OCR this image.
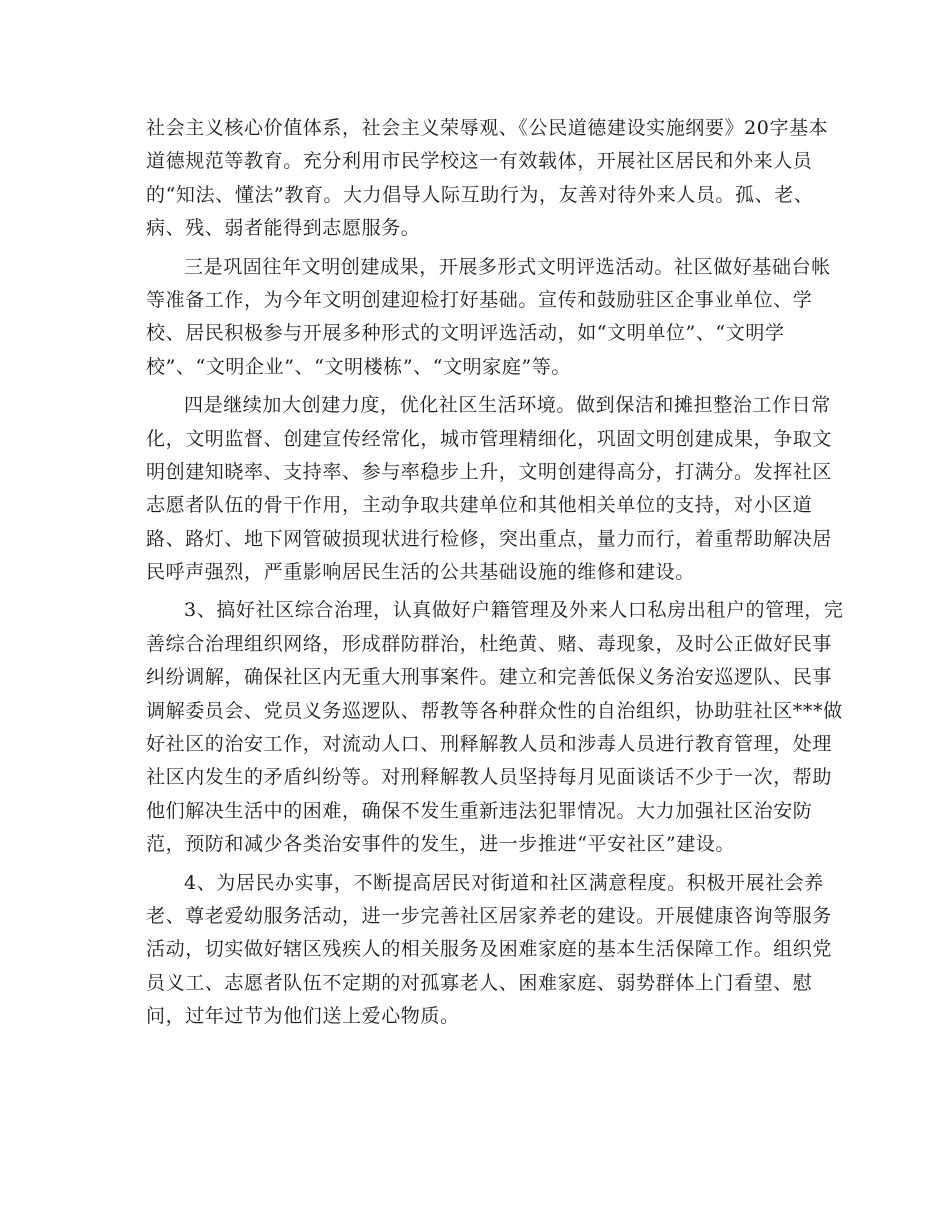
社会主义核心价值体系，社会主义荣辱观、《公民道德建设实施纲要》20字基本
道德规范等教育。充分利用市民学校这一有效载体，开展社区居民和外来人员
的“知法、懂法”教育。大力倡导人际互助行为，友善对待外来人员。孤、老、
病、残、弱者能得到志愿服务。
三是巩固往年文明创建成果，开展多形式文明评选活动。社区做好基础台帐
等准备工作，为今年文明创建迎检打好基础。宣传和鼓励驻区企事业单位、学
校、居民积极参与开展多种形式的文明评选活动，如“文明单位”、“文明学
校”、“文明企业”、“文明楼栋”、“文明家庭”等。
四是继续加大创建力度，优化社区生活环境。做到保洁和摊担整治工作日常
化，文明监督、创建宣传经常化，城市管理精细化，巩固文明创建成果，争取文
明创建知晓率、支持率、参与率稳步上升，文明创建得高分，打满分。发挥社区
志愿者队伍的骨干作用，主动争取共建单位和其他相关单位的支持，对小区道
路、路灯、地下网管破损现状进行检修，突出重点，量力而行，着重帮助解决居
民呼声强烈，严重影响居民生活的公共基础设施的维修和建设。
3、搞好社区综合治理，认真做好户籍管理及外来人口私房出租户的管理，完
善综合治理组织网络，形成群防群治，杜绝黄、赌、毒现象，及时公正做好民事
纠纷调解，确保社区内无重大刑事案件。建立和完善低保义务治安巡逻队、民事
调解委员会、党员义务巡逻队、帮教等各种群众性的自治组织，协助驻社区***做
好社区的治安工作，对流动人口、刑释解教人员和涉毒人员进行教育管理，处理
社区内发生的矛盾纠纷等。对刑释解教人员坚持每月见面谈话不少于一次，帮助
他们解决生活中的困难，确保不发生重新违法犯罪情况。大力加强社区治安防
范，预防和减少各类治安事件的发生，进一步推进“平安社区”建设。
4、为居民办实事，不断提高居民对街道和社区满意程度。积极开展社会养
老、尊老爱幼服务活动，进一步完善社区居家养老的建设。开展健康咨询等服务
活动，切实做好辖区残疾人的相关服务及困难家庭的基本生活保障工作。组织党
员义工、志愿者队伍不定期的对孤寡老人、困难家庭、弱势群体上门看望、慰
问，过年过节为他们送上爱心物质。
